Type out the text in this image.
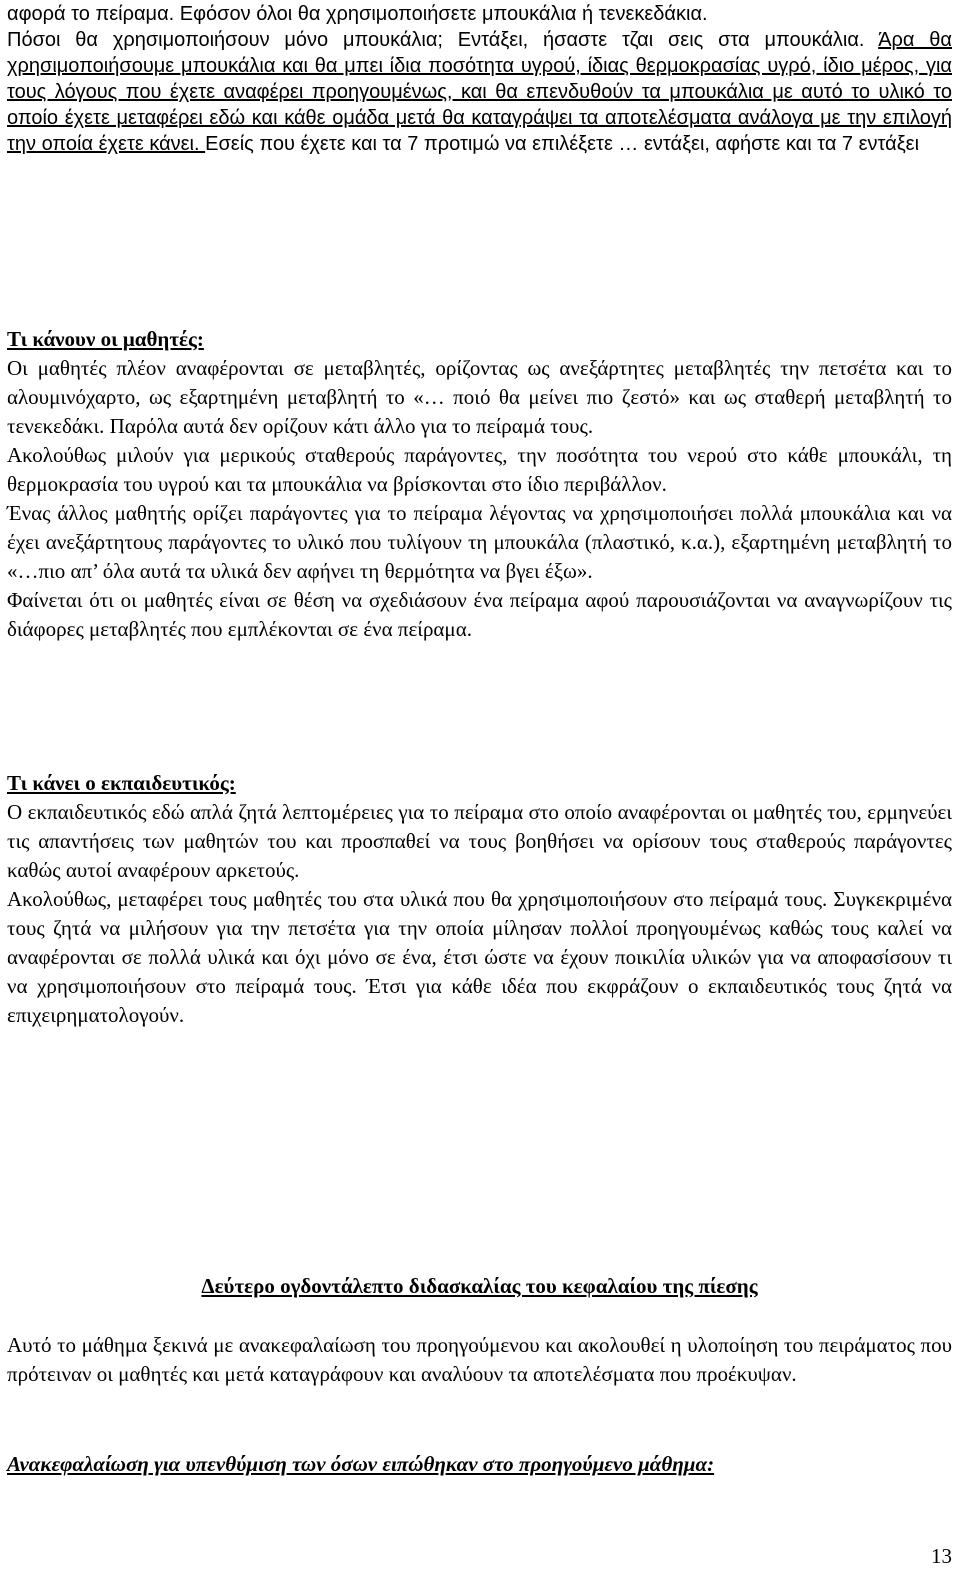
αφορά το πείραμα. Εφόσον όλοι θα χρησιμοποιήσετε μπουκάλια ή τενεκεδάκια.
Πόσοι θα χρησιμοποιήσουν μόνο μπουκάλια; Εντάξει, ήσαστε τζαι σεις στα μπουκάλια. Άρα θα χρησιμοποιήσουμε μπουκάλια και θα μπει ίδια ποσότητα υγρού, ίδιας θερμοκρασίας υγρό, ίδιο μέρος, για τους λόγους που έχετε αναφέρει προηγουμένως, και θα επενδυθούν τα μπουκάλια με αυτό το υλικό το οποίο έχετε μεταφέρει εδώ και κάθε ομάδα μετά θα καταγράψει τα αποτελέσματα ανάλογα με την επιλογή την οποία έχετε κάνει. Εσείς που έχετε και τα 7 προτιμώ να επιλέξετε … εντάξει, αφήστε και τα 7 εντάξει

Τι κάνουν οι μαθητές:

Οι μαθητές πλέον αναφέρονται σε μεταβλητές, ορίζοντας ως ανεξάρτητες μεταβλητές την πετσέτα και το αλουμινόχαρτο, ως εξαρτημένη μεταβλητή το «… ποιό θα μείνει πιο ζεστό» και ως σταθερή μεταβλητή το τενεκεδάκι. Παρόλα αυτά δεν ορίζουν κάτι άλλο για το πείραμά τους.

Ακολούθως μιλούν για μερικούς σταθερούς παράγοντες, την ποσότητα του νερού στο κάθε μπουκάλι, τη θερμοκρασία του υγρού και τα μπουκάλια να βρίσκονται στο ίδιο περιβάλλον.

Ένας άλλος μαθητής ορίζει παράγοντες για το πείραμα λέγοντας να χρησιμοποιήσει πολλά μπουκάλια και να έχει ανεξάρτητους παράγοντες το υλικό που τυλίγουν τη μπουκάλα (πλαστικό, κ.α.), εξαρτημένη μεταβλητή το «…πιο απ’ όλα αυτά τα υλικά δεν αφήνει τη θερμότητα να βγει έξω».

Φαίνεται ότι οι μαθητές είναι σε θέση να σχεδιάσουν ένα πείραμα αφού παρουσιάζονται να αναγνωρίζουν τις διάφορες μεταβλητές που εμπλέκονται σε ένα πείραμα.

Τι κάνει ο εκπαιδευτικός:

Ο εκπαιδευτικός εδώ απλά ζητά λεπτομέρειες για το πείραμα στο οποίο αναφέρονται οι μαθητές του, ερμηνεύει τις απαντήσεις των μαθητών του και προσπαθεί να τους βοηθήσει να ορίσουν τους σταθερούς παράγοντες καθώς αυτοί αναφέρουν αρκετούς.

Ακολούθως, μεταφέρει τους μαθητές του στα υλικά που θα χρησιμοποιήσουν στο πείραμά τους. Συγκεκριμένα τους ζητά να μιλήσουν για την πετσέτα για την οποία μίλησαν πολλοί προηγουμένως καθώς τους καλεί να αναφέρονται σε πολλά υλικά και όχι μόνο σε ένα, έτσι ώστε να έχουν ποικιλία υλικών για να αποφασίσουν τι να χρησιμοποιήσουν στο πείραμά τους. Έτσι για κάθε ιδέα που εκφράζουν ο εκπαιδευτικός τους ζητά να επιχειρηματολογούν.

Δεύτερο ογδοντάλεπτο διδασκαλίας του κεφαλαίου της πίεσης

Αυτό το μάθημα ξεκινά με ανακεφαλαίωση του προηγούμενου και ακολουθεί η υλοποίηση του πειράματος που πρότειναν οι μαθητές και μετά καταγράφουν και αναλύουν τα αποτελέσματα που προέκυψαν.

Ανακεφαλαίωση για υπενθύμιση των όσων ειπώθηκαν στο προηγούμενο μάθημα:

13
